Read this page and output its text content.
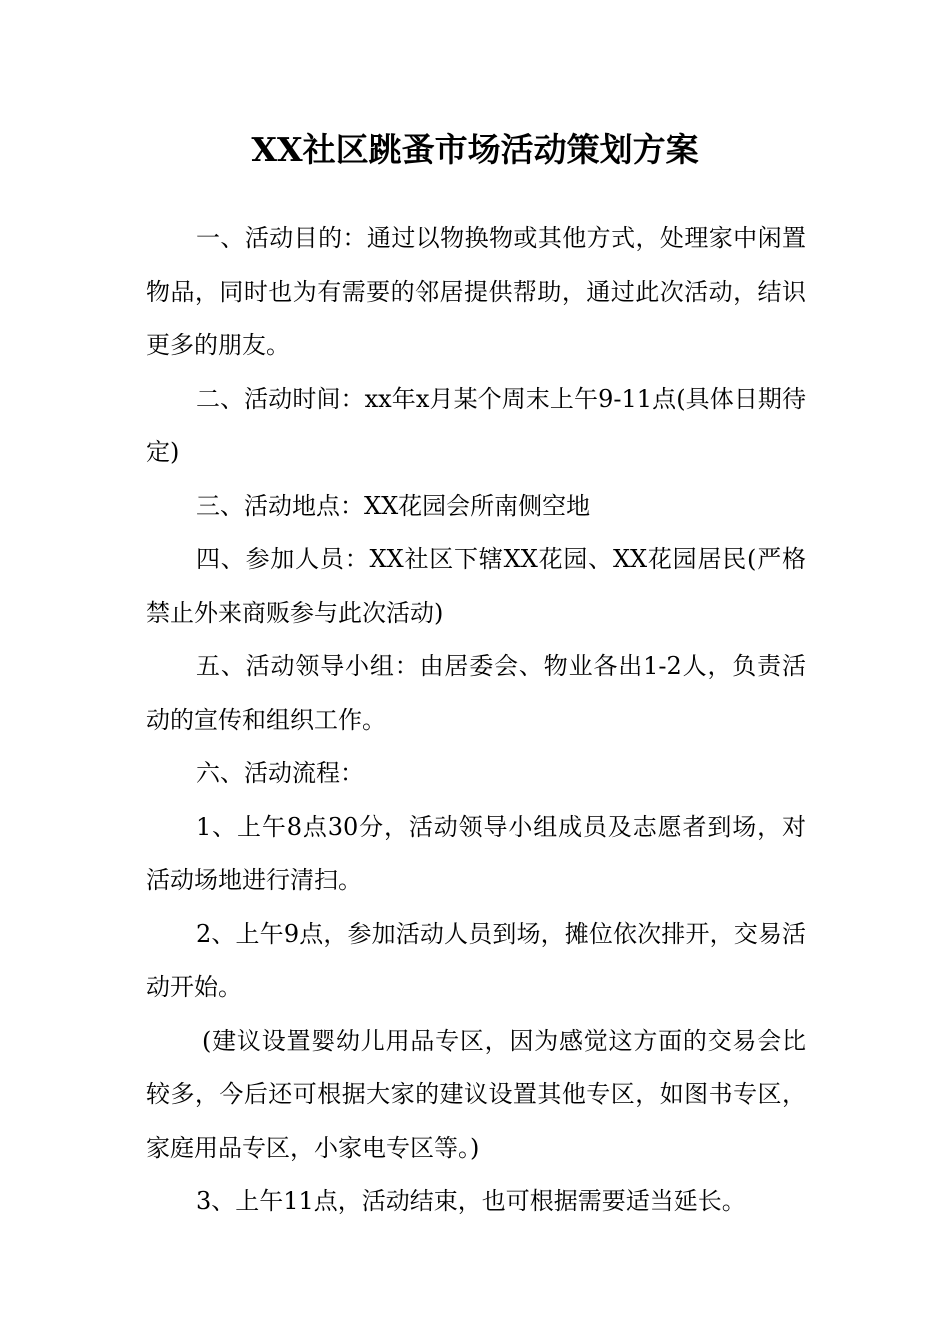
XX社区跳蚤市场活动策划方案

一、活动目的：通过以物换物或其他方式，处理家中闲置物品，同时也为有需要的邻居提供帮助，通过此次活动，结识更多的朋友。

二、活动时间：xx年x月某个周末上午9-11点(具体日期待定)

三、活动地点：XX花园会所南侧空地

四、参加人员：XX社区下辖XX花园、XX花园居民(严格禁止外来商贩参与此次活动)

五、活动领导小组：由居委会、物业各出1-2人，负责活动的宣传和组织工作。

六、活动流程：

1、上午8点30分，活动领导小组成员及志愿者到场，对活动场地进行清扫。

2、上午9点，参加活动人员到场，摊位依次排开，交易活动开始。

(建议设置婴幼儿用品专区，因为感觉这方面的交易会比较多，今后还可根据大家的建议设置其他专区，如图书专区，家庭用品专区，小家电专区等。)

3、上午11点，活动结束，也可根据需要适当延长。
